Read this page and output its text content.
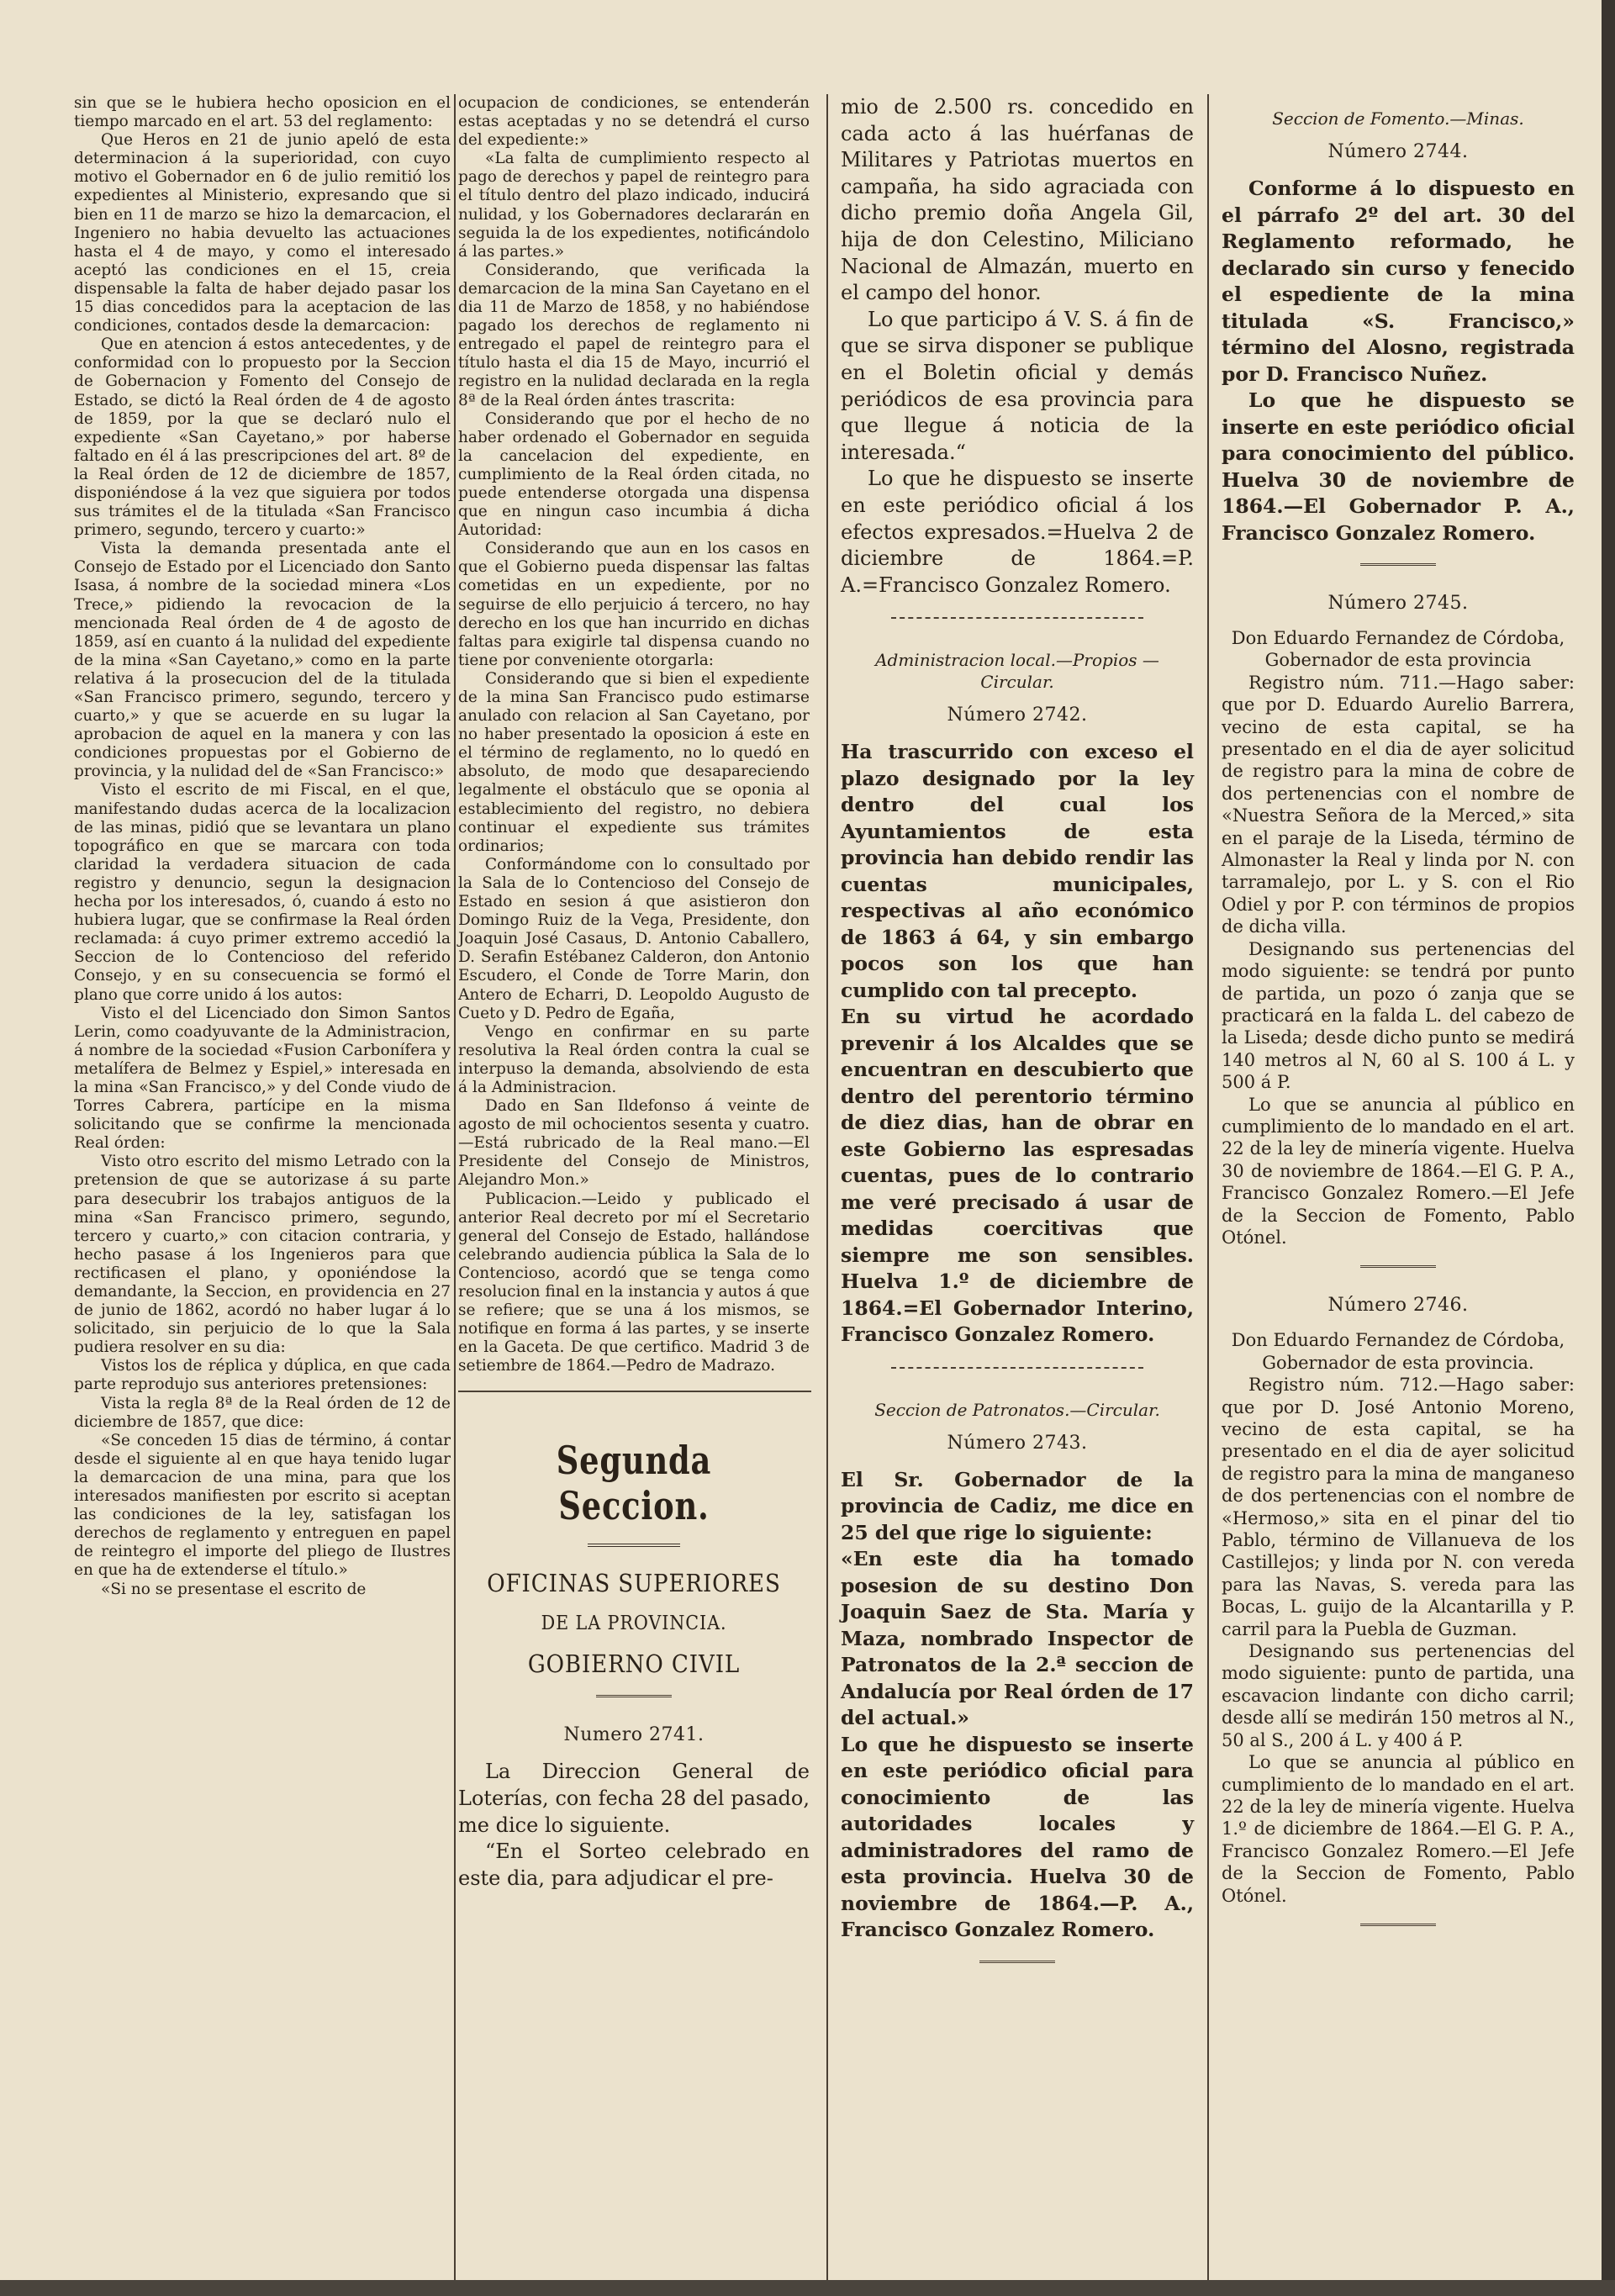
sin que se le hubiera hecho oposicion en el tiempo marcado en el art. 53 del reglamento:

Que Heros en 21 de junio apeló de esta determinacion á la superioridad, con cuyo motivo el Gobernador en 6 de julio remitió los expedientes al Ministerio, expresando que si bien en 11 de marzo se hizo la demarcacion, el Ingeniero no habia devuelto las actuaciones hasta el 4 de mayo, y como el interesado aceptó las condiciones en el 15, creia dispensable la falta de haber dejado pasar los 15 dias concedidos para la aceptacion de las condiciones, contados desde la demarcacion:

Que en atencion á estos antecedentes, y de conformidad con lo propuesto por la Seccion de Gobernacion y Fomento del Consejo de Estado, se dictó la Real órden de 4 de agosto de 1859, por la que se declaró nulo el expediente «San Cayetano,» por haberse faltado en él á las prescripciones del art. 8º de la Real órden de 12 de diciembre de 1857, disponiéndose á la vez que siguiera por todos sus trámites el de la titulada «San Francisco primero, segundo, tercero y cuarto:»

Vista la demanda presentada ante el Consejo de Estado por el Licenciado don Santo Isasa, á nombre de la sociedad minera «Los Trece,» pidiendo la revocacion de la mencionada Real órden de 4 de agosto de 1859, así en cuanto á la nulidad del expediente de la mina «San Cayetano,» como en la parte relativa á la prosecucion del de la titulada «San Francisco primero, segundo, tercero y cuarto,» y que se acuerde en su lugar la aprobacion de aquel en la manera y con las condiciones propuestas por el Gobierno de provincia, y la nulidad del de «San Francisco:»

Visto el escrito de mi Fiscal, en el que, manifestando dudas acerca de la localizacion de las minas, pidió que se levantara un plano topográfico en que se marcara con toda claridad la verdadera situacion de cada registro y denuncio, segun la designacion hecha por los interesados, ó, cuando á esto no hubiera lugar, que se confirmase la Real órden reclamada: á cuyo primer extremo accedió la Seccion de lo Contencioso del referido Consejo, y en su consecuencia se formó el plano que corre unido á los autos:

Visto el del Licenciado don Simon Santos Lerin, como coadyuvante de la Administracion, á nombre de la sociedad «Fusion Carbonífera y metalífera de Belmez y Espiel,» interesada en la mina «San Francisco,» y del Conde viudo de Torres Cabrera, partícipe en la misma solicitando que se confirme la mencionada Real órden:

Visto otro escrito del mismo Letrado con la pretension de que se autorizase á su parte para desecubrir los trabajos antiguos de la mina «San Francisco primero, segundo, tercero y cuarto,» con citacion contraria, y hecho pasase á los Ingenieros para que rectificasen el plano, y oponiéndose la demandante, la Seccion, en providencia en 27 de junio de 1862, acordó no haber lugar á lo solicitado, sin perjuicio de lo que la Sala pudiera resolver en su dia:

Vistos los de réplica y dúplica, en que cada parte reprodujo sus anteriores pretensiones:

Vista la regla 8ª de la Real órden de 12 de diciembre de 1857, que dice:

«Se conceden 15 dias de término, á contar desde el siguiente al en que haya tenido lugar la demarcacion de una mina, para que los interesados manifiesten por escrito si aceptan las condiciones de la ley, satisfagan los derechos de reglamento y entreguen en papel de reintegro el importe del pliego de Ilustres en que ha de extenderse el título.»

«Si no se presentase el escrito de

ocupacion de condiciones, se entenderán estas aceptadas y no se detendrá el curso del expediente:»

«La falta de cumplimiento respecto al pago de derechos y papel de reintegro para el título dentro del plazo indicado, inducirá nulidad, y los Gobernadores declararán en seguida la de los expedientes, notificándolo á las partes.»

Considerando, que verificada la demarcacion de la mina San Cayetano en el dia 11 de Marzo de 1858, y no habiéndose pagado los derechos de reglamento ni entregado el papel de reintegro para el título hasta el dia 15 de Mayo, incurrió el registro en la nulidad declarada en la regla 8ª de la Real órden ántes trascrita:

Considerando que por el hecho de no haber ordenado el Gobernador en seguida la cancelacion del expediente, en cumplimiento de la Real órden citada, no puede entenderse otorgada una dispensa que en ningun caso incumbia á dicha Autoridad:

Considerando que aun en los casos en que el Gobierno pueda dispensar las faltas cometidas en un expediente, por no seguirse de ello perjuicio á tercero, no hay derecho en los que han incurrido en dichas faltas para exigirle tal dispensa cuando no tiene por conveniente otorgarla:

Considerando que si bien el expediente de la mina San Francisco pudo estimarse anulado con relacion al San Cayetano, por no haber presentado la oposicion á este en el término de reglamento, no lo quedó en absoluto, de modo que desapareciendo legalmente el obstáculo que se oponia al establecimiento del registro, no debiera continuar el expediente sus trámites ordinarios;

Conformándome con lo consultado por la Sala de lo Contencioso del Consejo de Estado en sesion á que asistieron don Domingo Ruiz de la Vega, Presidente, don Joaquin José Casaus, D. Antonio Caballero, D. Serafin Estébanez Calderon, don Antonio Escudero, el Conde de Torre Marin, don Antero de Echarri, D. Leopoldo Augusto de Cueto y D. Pedro de Egaña,

Vengo en confirmar en su parte resolutiva la Real órden contra la cual se interpuso la demanda, absolviendo de esta á la Administracion.

Dado en San Ildefonso á veinte de agosto de mil ochocientos sesenta y cuatro.—Está rubricado de la Real mano.—El Presidente del Consejo de Ministros, Alejandro Mon.»

Publicacion.—Leido y publicado el anterior Real decreto por mí el Secretario general del Consejo de Estado, hallándose celebrando audiencia pública la Sala de lo Contencioso, acordó que se tenga como resolucion final en la instancia y autos á que se refiere; que se una á los mismos, se notifique en forma á las partes, y se inserte en la Gaceta. De que certifico. Madrid 3 de setiembre de 1864.—Pedro de Madrazo.

Segunda Seccion.
OFICINAS SUPERIORES
DE LA PROVINCIA.
GOBIERNO CIVIL
Numero 2741.

La Direccion General de Loterías, con fecha 28 del pasado, me dice lo siguiente.

“En el Sorteo celebrado en este dia, para adjudicar el pre-

mio de 2.500 rs. concedido en cada acto á las huérfanas de Militares y Patriotas muertos en campaña, ha sido agraciada con dicho premio doña Angela Gil, hija de don Celestino, Miliciano Nacional de Almazán, muerto en el campo del honor.

Lo que participo á V. S. á fin de que se sirva disponer se publique en el Boletin oficial y demás periódicos de esa provincia para que llegue á noticia de la interesada.“

Lo que he dispuesto se inserte en este periódico oficial á los efectos expresados.=Huelva 2 de diciembre de 1864.=P. A.=Francisco Gonzalez Romero.

Administracion local.—Propios —Circular.
Número 2742.

Ha trascurrido con exceso el plazo designado por la ley dentro del cual los Ayuntamientos de esta provincia han debido rendir las cuentas municipales, respectivas al año económico de 1863 á 64, y sin embargo pocos son los que han cumplido con tal precepto.

En su virtud he acordado prevenir á los Alcaldes que se encuentran en descubierto que dentro del perentorio término de diez dias, han de obrar en este Gobierno las espresadas cuentas, pues de lo contrario me veré precisado á usar de medidas coercitivas que siempre me son sensibles. Huelva 1.º de diciembre de 1864.=El Gobernador Interino, Francisco Gonzalez Romero.

Seccion de Patronatos.—Circular.
Número 2743.

El Sr. Gobernador de la provincia de Cadiz, me dice en 25 del que rige lo siguiente:

«En este dia ha tomado posesion de su destino Don Joaquin Saez de Sta. María y Maza, nombrado Inspector de Patronatos de la 2.ª seccion de Andalucía por Real órden de 17 del actual.»

Lo que he dispuesto se inserte en este periódico oficial para conocimiento de las autoridades locales y administradores del ramo de esta provincia. Huelva 30 de noviembre de 1864.—P. A., Francisco Gonzalez Romero.

Seccion de Fomento.—Minas.
Número 2744.

Conforme á lo dispuesto en el párrafo 2º del art. 30 del Reglamento reformado, he declarado sin curso y fenecido el espediente de la mina titulada «S. Francisco,» término del Alosno, registrada por D. Francisco Nuñez.

Lo que he dispuesto se inserte en este periódico oficial para conocimiento del público. Huelva 30 de noviembre de 1864.—El Gobernador P. A., Francisco Gonzalez Romero.

Número 2745.

Don Eduardo Fernandez de Córdoba, Gobernador de esta provincia

Registro núm. 711.—Hago saber: que por D. Eduardo Aurelio Barrera, vecino de esta capital, se ha presentado en el dia de ayer solicitud de registro para la mina de cobre de dos pertenencias con el nombre de «Nuestra Señora de la Merced,» sita en el paraje de la Liseda, término de Almonaster la Real y linda por N. con tarramalejo, por L. y S. con el Rio Odiel y por P. con términos de propios de dicha villa.

Designando sus pertenencias del modo siguiente: se tendrá por punto de partida, un pozo ó zanja que se practicará en la falda L. del cabezo de la Liseda; desde dicho punto se medirá 140 metros al N, 60 al S. 100 á L. y 500 á P.

Lo que se anuncia al público en cumplimiento de lo mandado en el art. 22 de la ley de minería vigente. Huelva 30 de noviembre de 1864.—El G. P. A., Francisco Gonzalez Romero.—El Jefe de la Seccion de Fomento, Pablo Otónel.

Número 2746.

Don Eduardo Fernandez de Córdoba, Gobernador de esta provincia.

Registro núm. 712.—Hago saber: que por D. José Antonio Moreno, vecino de esta capital, se ha presentado en el dia de ayer solicitud de registro para la mina de manganeso de dos pertenencias con el nombre de «Hermoso,» sita en el pinar del tio Pablo, término de Villanueva de los Castillejos; y linda por N. con vereda para las Navas, S. vereda para las Bocas, L. guijo de la Alcantarilla y P. carril para la Puebla de Guzman.

Designando sus pertenencias del modo siguiente: punto de partida, una escavacion lindante con dicho carril; desde allí se medirán 150 metros al N., 50 al S., 200 á L. y 400 á P.

Lo que se anuncia al público en cumplimiento de lo mandado en el art. 22 de la ley de minería vigente. Huelva 1.º de diciembre de 1864.—El G. P. A., Francisco Gonzalez Romero.—El Jefe de la Seccion de Fomento, Pablo Otónel.
